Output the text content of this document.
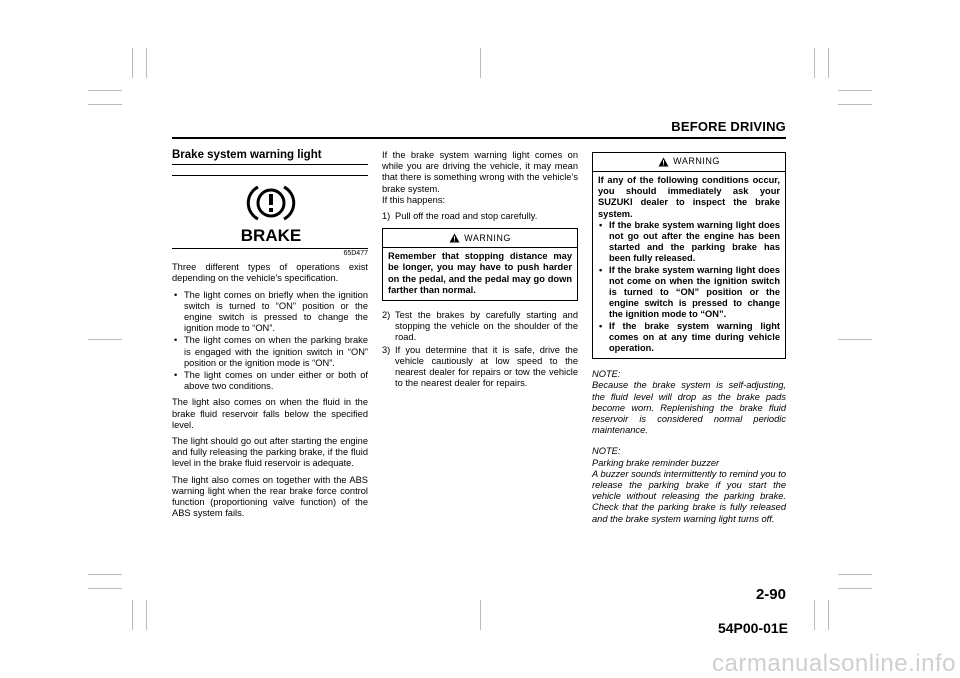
BEFORE DRIVING
Brake system warning light
BRAKE
65D477

Three different types of operations exist depending on the vehicle’s specification.

• The light comes on briefly when the ignition switch is turned to “ON” position or the engine switch is pressed to change the ignition mode to “ON”.
• The light comes on when the parking brake is engaged with the ignition switch in “ON” position or the ignition mode is “ON”.
• The light comes on under either or both of above two conditions.

The light also comes on when the fluid in the brake fluid reservoir falls below the specified level.

The light should go out after starting the engine and fully releasing the parking brake, if the fluid level in the brake fluid reservoir is adequate.

The light also comes on together with the ABS warning light when the rear brake force control function (proportioning valve function) of the ABS system fails.

If the brake system warning light comes on while you are driving the vehicle, it may mean that there is something wrong with the vehicle’s brake system.

If this happens:

1) Pull off the road and stop carefully.
WARNING
Remember that stopping distance may be longer, you may have to push harder on the pedal, and the pedal may go down farther than normal.
2) Test the brakes by carefully starting and stopping the vehicle on the shoulder of the road.
3) If you determine that it is safe, drive the vehicle cautiously at low speed to the nearest dealer for repairs or tow the vehicle to the nearest dealer for repairs.
WARNING
If any of the following conditions occur, you should immediately ask your SUZUKI dealer to inspect the brake system.
• If the brake system warning light does not go out after the engine has been started and the parking brake has been fully released.
• If the brake system warning light does not come on when the ignition switch is turned to “ON” position or the engine switch is pressed to change the ignition mode to “ON”.
• If the brake system warning light comes on at any time during vehicle operation.

NOTE:

Because the brake system is self-adjusting, the fluid level will drop as the brake pads become worn. Replenishing the brake fluid reservoir is considered normal periodic maintenance.

NOTE:

Parking brake reminder buzzer

A buzzer sounds intermittently to remind you to release the parking brake if you start the vehicle without releasing the parking brake. Check that the parking brake is fully released and the brake system warning light turns off.

2-90
54P00-01E
carmanualsonline.info
